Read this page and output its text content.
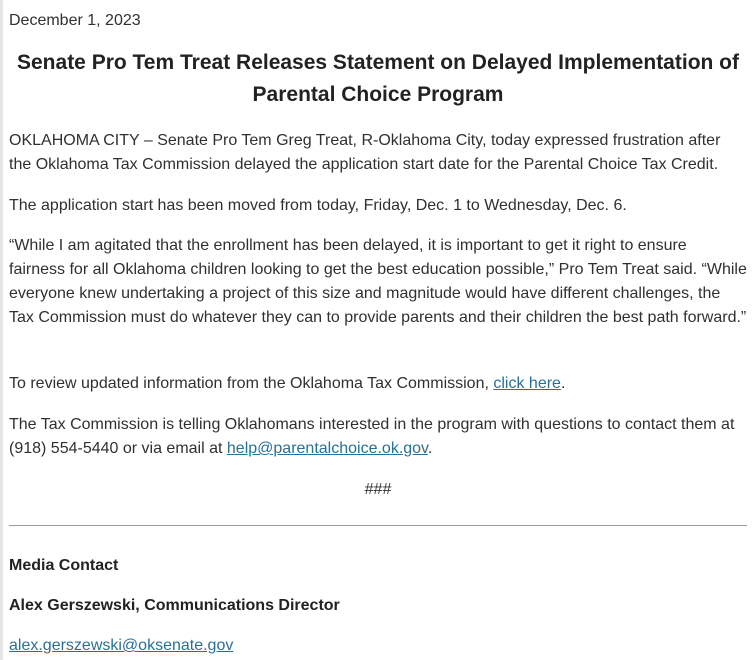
December 1, 2023
Senate Pro Tem Treat Releases Statement on Delayed Implementation of Parental Choice Program
OKLAHOMA CITY – Senate Pro Tem Greg Treat, R-Oklahoma City, today expressed frustration after the Oklahoma Tax Commission delayed the application start date for the Parental Choice Tax Credit.
The application start has been moved from today, Friday, Dec. 1 to Wednesday, Dec. 6.
“While I am agitated that the enrollment has been delayed, it is important to get it right to ensure fairness for all Oklahoma children looking to get the best education possible,” Pro Tem Treat said. “While everyone knew undertaking a project of this size and magnitude would have different challenges, the Tax Commission must do whatever they can to provide parents and their children the best path forward.”
To review updated information from the Oklahoma Tax Commission, click here.
The Tax Commission is telling Oklahomans interested in the program with questions to contact them at (918) 554-5440 or via email at help@parentalchoice.ok.gov.
###
Media Contact
Alex Gerszewski, Communications Director
alex.gerszewski@oksenate.gov
